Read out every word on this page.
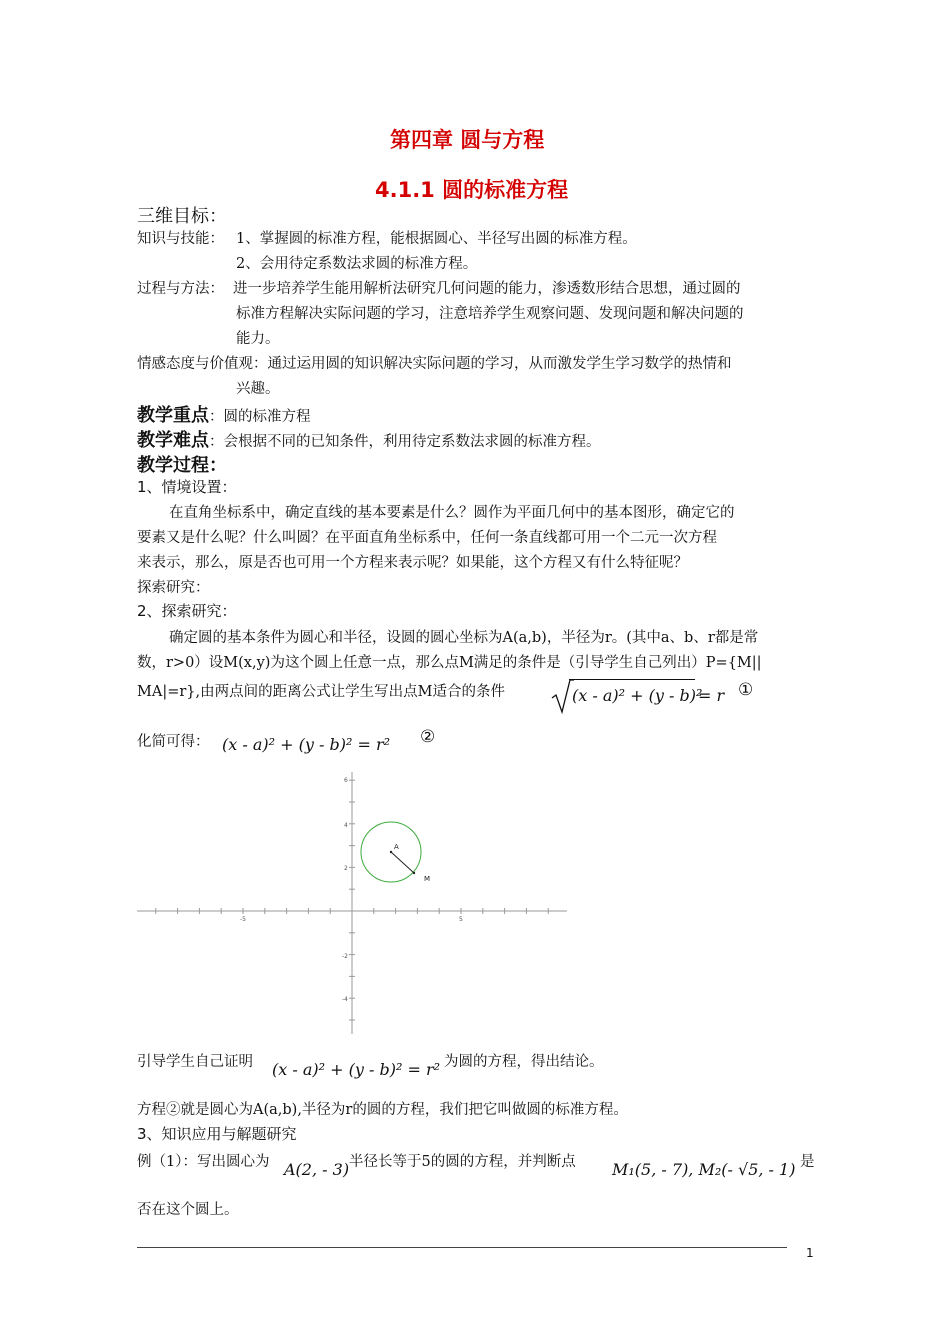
第四章 圆与方程
4.1.1 圆的标准方程
三维目标：
知识与技能： 1、掌握圆的标准方程，能根据圆心、半径写出圆的标准方程。
2、会用待定系数法求圆的标准方程。
过程与方法： 进一步培养学生能用解析法研究几何问题的能力，渗透数形结合思想，通过圆的
标准方程解决实际问题的学习，注意培养学生观察问题、发现问题和解决问题的
能力。
情感态度与价值观：通过运用圆的知识解决实际问题的学习，从而激发学生学习数学的热情和
兴趣。
教学重点：圆的标准方程
教学难点：会根据不同的已知条件，利用待定系数法求圆的标准方程。
教学过程：
1、情境设置：
在直角坐标系中，确定直线的基本要素是什么？圆作为平面几何中的基本图形，确定它的
要素又是什么呢？什么叫圆？在平面直角坐标系中，任何一条直线都可用一个二元一次方程
来表示，那么，原是否也可用一个方程来表示呢？如果能，这个方程又有什么特征呢？
探索研究：
2、探索研究：
确定圆的基本条件为圆心和半径，设圆的圆心坐标为A(a,b)，半径为r。(其中a、b、r都是常
数，r>0）设M(x,y)为这个圆上任意一点，那么点M满足的条件是（引导学生自己列出）P={M||
MA|=r},由两点间的距离公式让学生写出点M适合的条件	(x - a)² + (y - b)²
= r ①
化简可得： (x - a)² + (y - b)² = r² ②
-5	5
6
4
2
-2
-4
A
M
引导学生自己证明 (x - a)² + (y - b)² = r² 为圆的方程，得出结论。
方程②就是圆心为A(a,b),半径为r的圆的方程，我们把它叫做圆的标准方程。
3、知识应用与解题研究
例（1）：写出圆心为 A(2, - 3) 半径长等于5的圆的方程，并判断点 M₁(5, - 7), M₂(- √5, - 1) 是
否在这个圆上。
1
